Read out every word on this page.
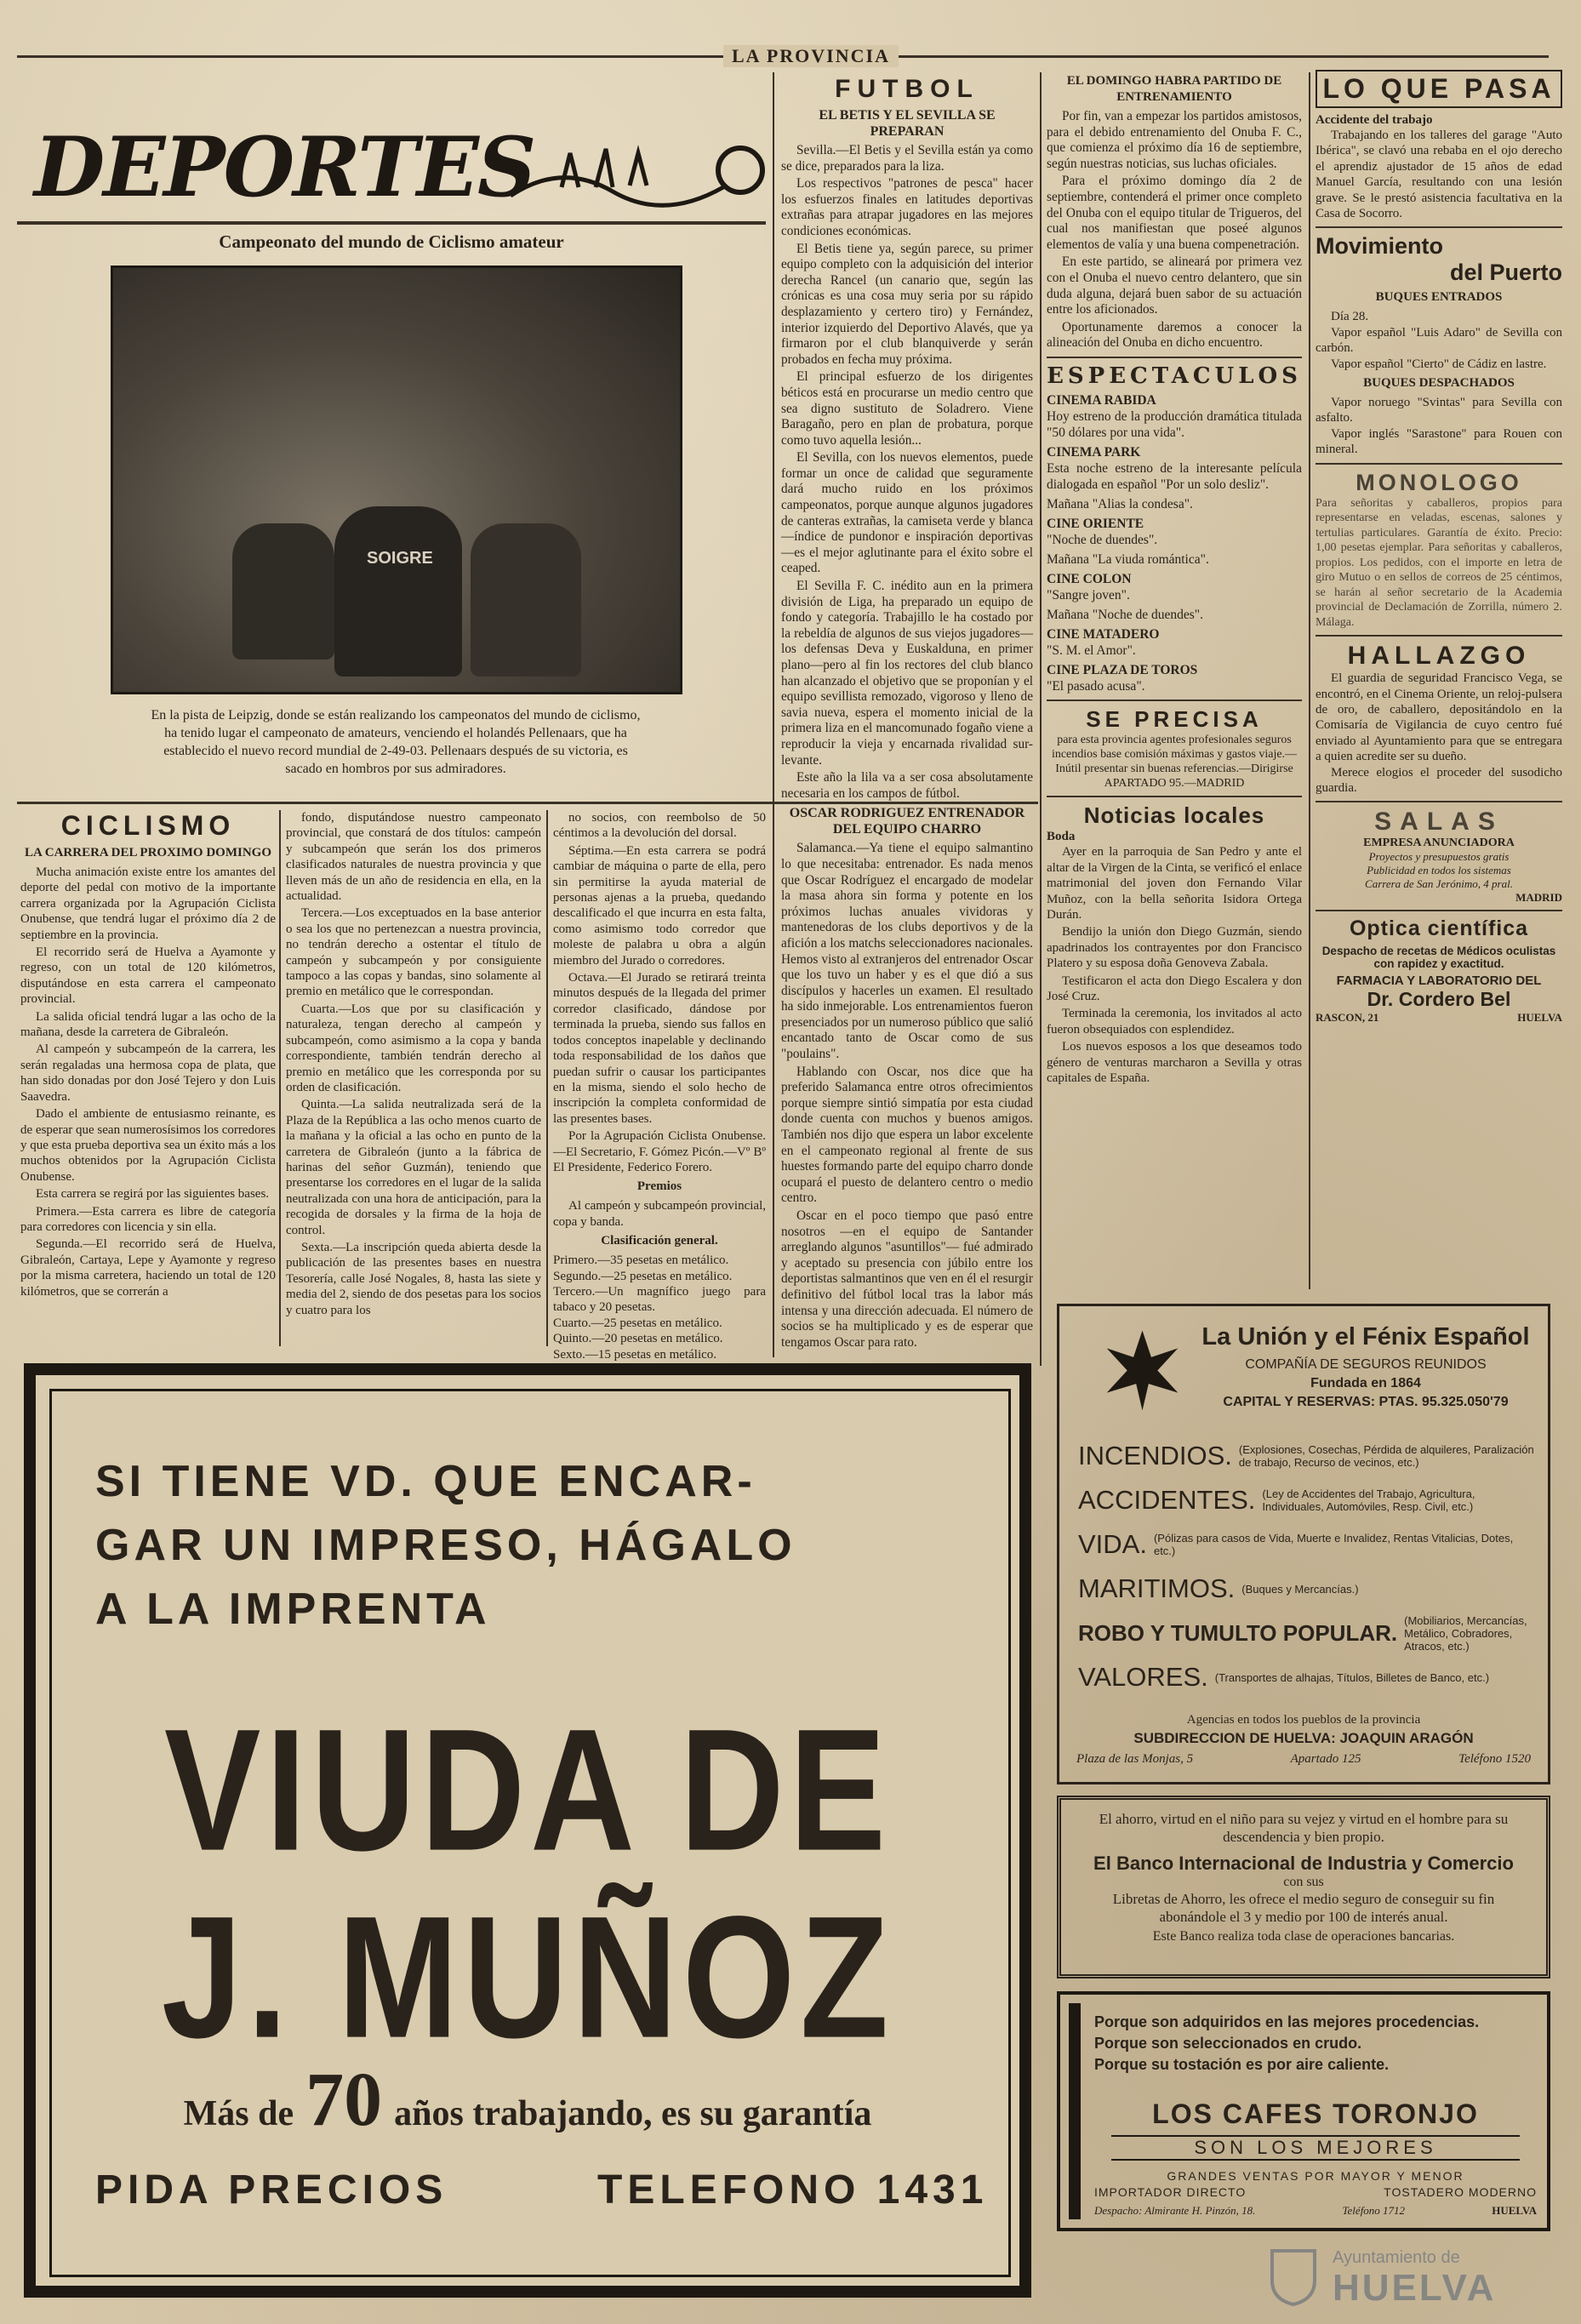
LA PROVINCIA
DEPORTES
Campeonato del mundo de Ciclismo amateur
SOIGRE
En la pista de Leipzig, donde se están realizando los campeonatos del mundo de ciclismo, ha tenido lugar el campeonato de amateurs, venciendo el holandés Pellenaars, que ha establecido el nuevo record mundial de 2-49-03. Pellenaars después de su victoria, es sacado en hombros por sus admiradores.
FUTBOL
EL BETIS Y EL SEVILLA SE PREPARAN

Sevilla.—El Betis y el Sevilla están ya como se dice, preparados para la liza.

Los respectivos "patrones de pesca" hacer los esfuerzos finales en latitudes deportivas extrañas para atrapar jugadores en las mejores condiciones económicas.

El Betis tiene ya, según parece, su primer equipo completo con la adquisición del interior derecha Rancel (un canario que, según las crónicas es una cosa muy seria por su rápido desplazamiento y certero tiro) y Fernández, interior izquierdo del Deportivo Alavés, que ya firmaron por el club blanquiverde y serán probados en fecha muy próxima.

El principal esfuerzo de los dirigentes béticos está en procurarse un medio centro que sea digno sustituto de Soladrero. Viene Baragaño, pero en plan de probatura, porque como tuvo aquella lesión...

El Sevilla, con los nuevos elementos, puede formar un once de calidad que seguramente dará mucho ruido en los próximos campeonatos, porque aunque algunos jugadores de canteras extrañas, la camiseta verde y blanca—índice de pundonor e inspiración deportivas—es el mejor aglutinante para el éxito sobre el ceaped.

El Sevilla F. C. inédito aun en la primera división de Liga, ha preparado un equipo de fondo y categoría. Trabajillo le ha costado por la rebeldía de algunos de sus viejos jugadores—los defensas Deva y Euskalduna, en primer plano—pero al fin los rectores del club blanco han alcanzado el objetivo que se proponían y el equipo sevillista remozado, vigoroso y lleno de savia nueva, espera el momento inicial de la primera liza en el mancomunado fogaño viene a reproducir la vieja y encarnada rivalidad sur-levante.

Este año la lila va a ser cosa absolutamente necesaria en los campos de fútbol.

OSCAR RODRIGUEZ ENTRENADOR DEL EQUIPO CHARRO

Salamanca.—Ya tiene el equipo salmantino lo que necesitaba: entrenador. Es nada menos que Oscar Rodríguez el encargado de modelar la masa ahora sin forma y potente en los próximos luchas anuales vividoras y mantenedoras de los clubs deportivos y de la afición a los matchs seleccionadores nacionales. Hemos visto al extranjeros del entrenador Oscar que los tuvo un haber y es el que dió a sus discípulos y hacerles un examen. El resultado ha sido inmejorable. Los entrenamientos fueron presenciados por un numeroso público que salió encantado tanto de Oscar como de sus "poulains".

Hablando con Oscar, nos dice que ha preferido Salamanca entre otros ofrecimientos porque siempre sintió simpatía por esta ciudad donde cuenta con muchos y buenos amigos. También nos dijo que espera un labor excelente en el campeonato regional al frente de sus huestes formando parte del equipo charro donde ocupará el puesto de delantero centro o medio centro.

Oscar en el poco tiempo que pasó entre nosotros —en el equipo de Santander arreglando algunos "asuntillos"— fué admirado y aceptado su presencia con júbilo entre los deportistas salmantinos que ven en él el resurgir definitivo del fútbol local tras la labor más intensa y una dirección adecuada. El número de socios se ha multiplicado y es de esperar que tengamos Oscar para rato.

EL DOMINGO HABRA PARTIDO DE ENTRENAMIENTO

Por fin, van a empezar los partidos amistosos, para el debido entrenamiento del Onuba F. C., que comienza el próximo día 16 de septiembre, según nuestras noticias, sus luchas oficiales.

Para el próximo domingo día 2 de septiembre, contenderá el primer once completo del Onuba con el equipo titular de Trigueros, del cual nos manifiestan que poseé algunos elementos de valía y una buena compenetración.

En este partido, se alineará por primera vez con el Onuba el nuevo centro delantero, que sin duda alguna, dejará buen sabor de su actuación entre los aficionados.

Oportunamente daremos a conocer la alineación del Onuba en dicho encuentro.

ESPECTACULOS
CINEMA RABIDA

Hoy estreno de la producción dramática titulada "50 dólares por una vida".

CINEMA PARK

Esta noche estreno de la interesante película dialogada en español "Por un solo desliz".

Mañana "Alias la condesa".

CINE ORIENTE

"Noche de duendes".

Mañana "La viuda romántica".

CINE COLON

"Sangre joven".

Mañana "Noche de duendes".

CINE MATADERO

"S. M. el Amor".

CINE PLAZA DE TOROS

"El pasado acusa".

SE PRECISA
para esta provincia agentes profesionales seguros incendios base comisión máximas y gastos viaje.—Inútil presentar sin buenas referencias.—Dirigirse APARTADO 95.—MADRID
Noticias locales
Boda

Ayer en la parroquia de San Pedro y ante el altar de la Virgen de la Cinta, se verificó el enlace matrimonial del joven don Fernando Vilar Muñoz, con la bella señorita Isidora Ortega Durán.

Bendijo la unión don Diego Guzmán, siendo apadrinados los contrayentes por don Francisco Platero y su esposa doña Genoveva Zabala.

Testificaron el acta don Diego Escalera y don José Cruz.

Terminada la ceremonia, los invitados al acto fueron obsequiados con esplendidez.

Los nuevos esposos a los que deseamos todo género de venturas marcharon a Sevilla y otras capitales de España.

LO QUE PASA
Accidente del trabajo
Trabajando en los talleres del garage "Auto Ibérica", se clavó una rebaba en el ojo derecho el aprendiz ajustador de 15 años de edad Manuel García, resultando con una lesión grave. Se le prestó asistencia facultativa en la Casa de Socorro.
Movimiento
del Puerto
BUQUES ENTRADOS

Día 28.

Vapor español "Luis Adaro" de Sevilla con carbón.

Vapor español "Cierto" de Cádiz en lastre.

BUQUES DESPACHADOS

Vapor noruego "Svintas" para Sevilla con asfalto.

Vapor inglés "Sarastone" para Rouen con mineral.

MONOLOGO
Para señoritas y caballeros, propios para representarse en veladas, escenas, salones y tertulias particulares. Garantía de éxito. Precio: 1,00 pesetas ejemplar. Para señoritas y caballeros, propios. Los pedidos, con el importe en letra de giro Mutuo o en sellos de correos de 25 céntimos, se harán al señor secretario de la Academia provincial de Declamación de Zorrilla, número 2. Málaga.
HALLAZGO
El guardia de seguridad Francisco Vega, se encontró, en el Cinema Oriente, un reloj-pulsera de oro, de caballero, depositándolo en la Comisaría de Vigilancia de cuyo centro fué enviado al Ayuntamiento para que se entregara a quien acredite ser su dueño.
Merece elogios el proceder del susodicho guardia.
SALAS
EMPRESA ANUNCIADORA
Proyectos y presupuestos gratis
Publicidad en todos los sistemas
Carrera de San Jerónimo, 4 pral.
MADRID
Optica científica
Despacho de recetas de Médicos oculistas con rapidez y exactitud.
FARMACIA Y LABORATORIO DEL
Dr. Cordero Bel
RASCON, 21	HUELVA
CICLISMO
LA CARRERA DEL PROXIMO DOMINGO

Mucha animación existe entre los amantes del deporte del pedal con motivo de la importante carrera organizada por la Agrupación Ciclista Onubense, que tendrá lugar el próximo día 2 de septiembre en la provincia.

El recorrido será de Huelva a Ayamonte y regreso, con un total de 120 kilómetros, disputándose en esta carrera el campeonato provincial.

La salida oficial tendrá lugar a las ocho de la mañana, desde la carretera de Gibraleón.

Al campeón y subcampeón de la carrera, les serán regaladas una hermosa copa de plata, que han sido donadas por don José Tejero y don Luis Saavedra.

Dado el ambiente de entusiasmo reinante, es de esperar que sean numerosísimos los corredores y que esta prueba deportiva sea un éxito más a los muchos obtenidos por la Agrupación Ciclista Onubense.

Esta carrera se regirá por las siguientes bases.

Primera.—Esta carrera es libre de categoría para corredores con licencia y sin ella.

Segunda.—El recorrido será de Huelva, Gibraleón, Cartaya, Lepe y Ayamonte y regreso por la misma carretera, haciendo un total de 120 kilómetros, que se correrán a

fondo, disputándose nuestro campeonato provincial, que constará de dos títulos: campeón y subcampeón que serán los dos primeros clasificados naturales de nuestra provincia y que lleven más de un año de residencia en ella, en la actualidad.

Tercera.—Los exceptuados en la base anterior o sea los que no pertenezcan a nuestra provincia, no tendrán derecho a ostentar el título de campeón y subcampeón y por consiguiente tampoco a las copas y bandas, sino solamente al premio en metálico que le correspondan.

Cuarta.—Los que por su clasificación y naturaleza, tengan derecho al campeón y subcampeón, como asimismo a la copa y banda correspondiente, también tendrán derecho al premio en metálico que les corresponda por su orden de clasificación.

Quinta.—La salida neutralizada será de la Plaza de la República a las ocho menos cuarto de la mañana y la oficial a las ocho en punto de la carretera de Gibraleón (junto a la fábrica de harinas del señor Guzmán), teniendo que presentarse los corredores en el lugar de la salida neutralizada con una hora de anticipación, para la recogida de dorsales y la firma de la hoja de control.

Sexta.—La inscripción queda abierta desde la publicación de las presentes bases en nuestra Tesorería, calle José Nogales, 8, hasta las siete y media del 2, siendo de dos pesetas para los socios y cuatro para los

no socios, con reembolso de 50 céntimos a la devolución del dorsal.

Séptima.—En esta carrera se podrá cambiar de máquina o parte de ella, pero sin permitirse la ayuda material de personas ajenas a la prueba, quedando descalificado el que incurra en esta falta, como asimismo todo corredor que moleste de palabra u obra a algún miembro del Jurado o corredores.

Octava.—El Jurado se retirará treinta minutos después de la llegada del primer corredor clasificado, dándose por terminada la prueba, siendo sus fallos en todos conceptos inapelable y declinando toda responsabilidad de los daños que puedan sufrir o causar los participantes en la misma, siendo el solo hecho de inscripción la completa conformidad de las presentes bases.

Por la Agrupación Ciclista Onubense.—El Secretario, F. Gómez Picón.—Vº Bº El Presidente, Federico Forero.

Premios

Al campeón y subcampeón provincial, copa y banda.

Clasificación general.

Primero.—35 pesetas en metálico.

Segundo.—25 pesetas en metálico.

Tercero.—Un magnífico juego para tabaco y 20 pesetas.

Cuarto.—25 pesetas en metálico.

Quinto.—20 pesetas en metálico.

Sexto.—15 pesetas en metálico.

SI TIENE VD. QUE ENCAR-
GAR UN IMPRESO, HÁGALO
A LA IMPRENTA
VIUDA DE
J. MUÑOZ
Más de 70 años trabajando, es su garantía
PIDA PRECIOS	TELEFONO 1431
La Unión y el Fénix Español
COMPAÑÍA DE SEGUROS REUNIDOS
Fundada en 1864
CAPITAL Y RESERVAS: PTAS. 95.325.050'79
INCENDIOS. (Explosiones, Cosechas, Pérdida de alquileres, Paralización de trabajo, Recurso de vecinos, etc.)
ACCIDENTES. (Ley de Accidentes del Trabajo, Agricultura, Individuales, Automóviles, Resp. Civil, etc.)
VIDA. (Pólizas para casos de Vida, Muerte e Invalidez, Rentas Vitalicias, Dotes, etc.)
MARITIMOS. (Buques y Mercancías.)
ROBO Y TUMULTO POPULAR. (Mobiliarios, Mercancías, Metálico, Cobradores, Atracos, etc.)
VALORES. (Transportes de alhajas, Títulos, Billetes de Banco, etc.)
Agencias en todos los pueblos de la provincia
SUBDIRECCION DE HUELVA: JOAQUIN ARAGÓN
Plaza de las Monjas, 5	Apartado 125	Teléfono 1520
El ahorro, virtud en el niño para su vejez y virtud en el hombre para su descendencia y bien propio.
El Banco Internacional de Industria y Comercio
con sus
Libretas de Ahorro, les ofrece el medio seguro de conseguir su fin abonándole el 3 y medio por 100 de interés anual.
Este Banco realiza toda clase de operaciones bancarias.
Porque son adquiridos en las mejores procedencias.
Porque son seleccionados en crudo.
Porque su tostación es por aire caliente.
LOS CAFES TORONJO
SON LOS MEJORES
GRANDES VENTAS POR MAYOR Y MENOR
IMPORTADOR DIRECTO	TOSTADERO MODERNO
Despacho: Almirante H. Pinzón, 18.	Teléfono 1712	HUELVA
Ayuntamiento de
HUELVA
